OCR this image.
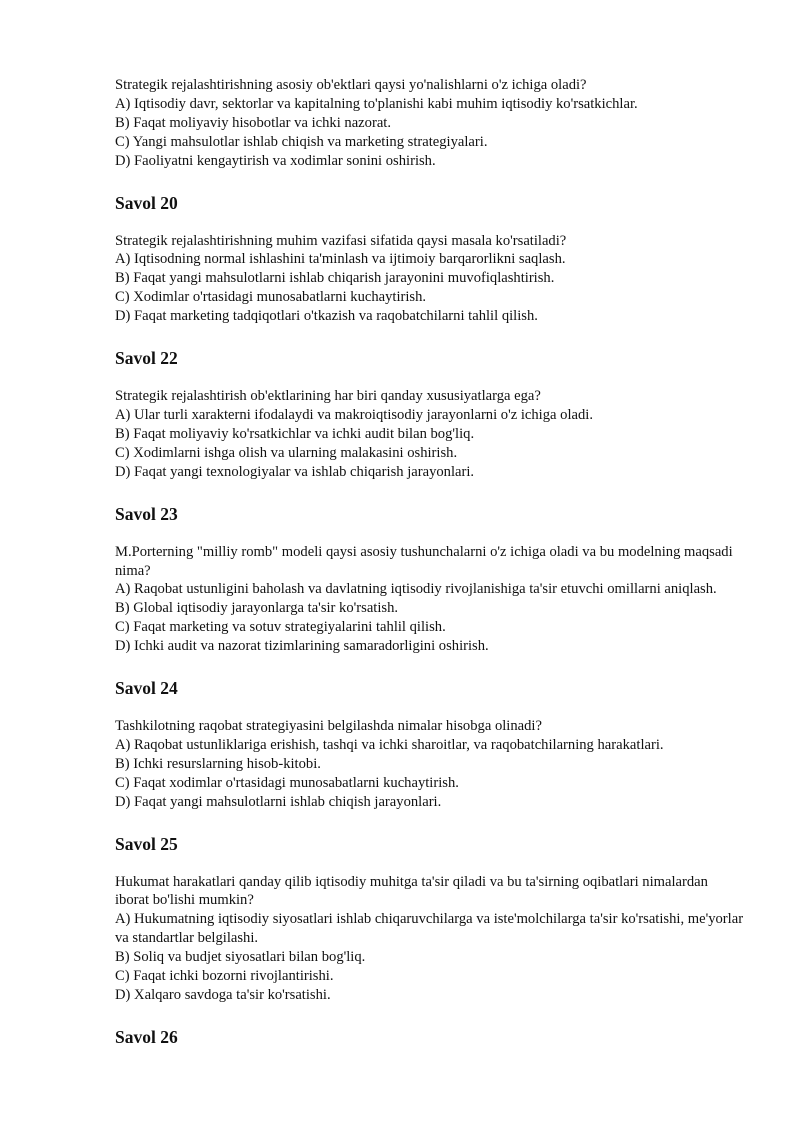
Strategik rejalashtirishning asosiy ob'ektlari qaysi yo'nalishlarni o'z ichiga oladi?

A) Iqtisodiy davr, sektorlar va kapitalning to'planishi kabi muhim iqtisodiy ko'rsatkichlar.

B) Faqat moliyaviy hisobotlar va ichki nazorat.

C) Yangi mahsulotlar ishlab chiqish va marketing strategiyalari.

D) Faoliyatni kengaytirish va xodimlar sonini oshirish.

Savol 20

Strategik rejalashtirishning muhim vazifasi sifatida qaysi masala ko'rsatiladi?

A) Iqtisodning normal ishlashini ta'minlash va ijtimoiy barqarorlikni saqlash.

B) Faqat yangi mahsulotlarni ishlab chiqarish jarayonini muvofiqlashtirish.

C) Xodimlar o'rtasidagi munosabatlarni kuchaytirish.

D) Faqat marketing tadqiqotlari o'tkazish va raqobatchilarni tahlil qilish.

Savol 22

Strategik rejalashtirish ob'ektlarining har biri qanday xususiyatlarga ega?

A) Ular turli xarakterni ifodalaydi va makroiqtisodiy jarayonlarni o'z ichiga oladi.

B) Faqat moliyaviy ko'rsatkichlar va ichki audit bilan bog'liq.

C) Xodimlarni ishga olish va ularning malakasini oshirish.

D) Faqat yangi texnologiyalar va ishlab chiqarish jarayonlari.

Savol 23

M.Porterning "milliy romb" modeli qaysi asosiy tushunchalarni o'z ichiga oladi va bu modelning maqsadi nima?

A) Raqobat ustunligini baholash va davlatning iqtisodiy rivojlanishiga ta'sir etuvchi omillarni aniqlash.

B) Global iqtisodiy jarayonlarga ta'sir ko'rsatish.

C) Faqat marketing va sotuv strategiyalarini tahlil qilish.

D) Ichki audit va nazorat tizimlarining samaradorligini oshirish.

Savol 24

Tashkilotning raqobat strategiyasini belgilashda nimalar hisobga olinadi?

A) Raqobat ustunliklariga erishish, tashqi va ichki sharoitlar, va raqobatchilarning harakatlari.

B) Ichki resurslarning hisob-kitobi.

C) Faqat xodimlar o'rtasidagi munosabatlarni kuchaytirish.

D) Faqat yangi mahsulotlarni ishlab chiqish jarayonlari.

Savol 25

Hukumat harakatlari qanday qilib iqtisodiy muhitga ta'sir qiladi va bu ta'sirning oqibatlari nimalardan iborat bo'lishi mumkin?

A) Hukumatning iqtisodiy siyosatlari ishlab chiqaruvchilarga va iste'molchilarga ta'sir ko'rsatishi, me'yorlar va standartlar belgilashi.

B) Soliq va budjet siyosatlari bilan bog'liq.

C) Faqat ichki bozorni rivojlantirishi.

D) Xalqaro savdoga ta'sir ko'rsatishi.

Savol 26
